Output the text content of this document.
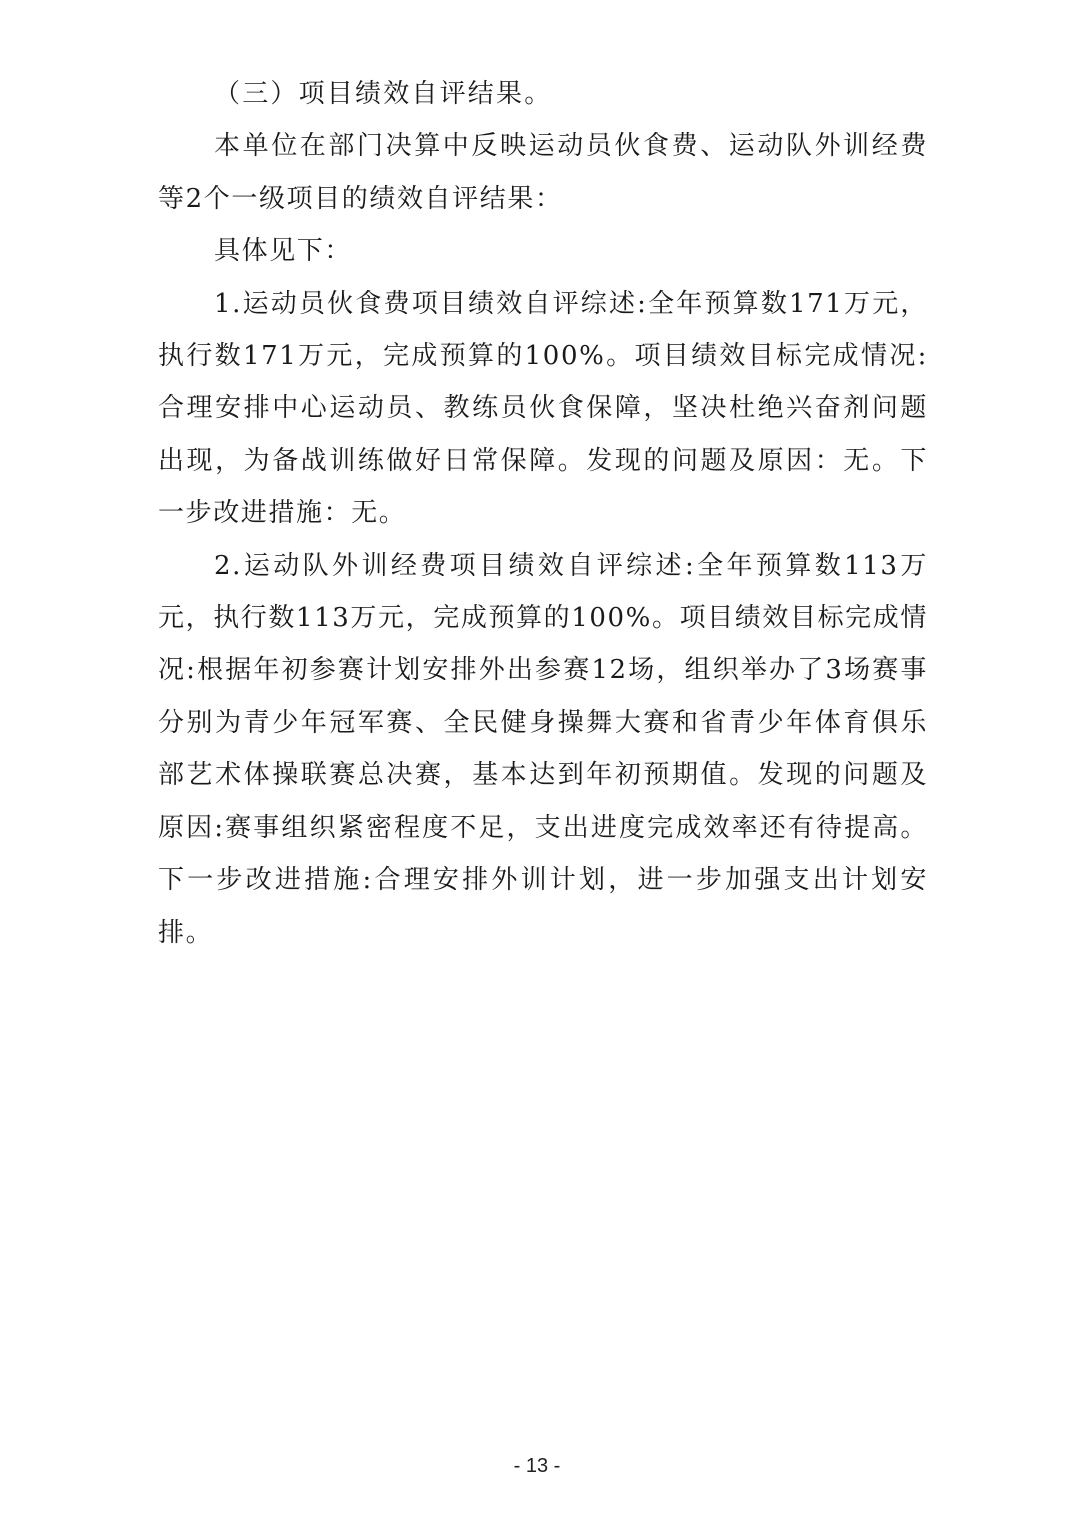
（三）项目绩效自评结果。

本单位在部门决算中反映运动员伙食费、运动队外训经费等2个一级项目的绩效自评结果：

具体见下：

1.运动员伙食费项目绩效自评综述:全年预算数171万元，执行数171万元，完成预算的100%。项目绩效目标完成情况:合理安排中心运动员、教练员伙食保障，坚决杜绝兴奋剂问题出现，为备战训练做好日常保障。发现的问题及原因：无。下一步改进措施：无。

2.运动队外训经费项目绩效自评综述:全年预算数113万元，执行数113万元，完成预算的100%。项目绩效目标完成情况:根据年初参赛计划安排外出参赛12场，组织举办了3场赛事分别为青少年冠军赛、全民健身操舞大赛和省青少年体育俱乐部艺术体操联赛总决赛，基本达到年初预期值。发现的问题及原因:赛事组织紧密程度不足，支出进度完成效率还有待提高。下一步改进措施:合理安排外训计划，进一步加强支出计划安排。

- 13 -
